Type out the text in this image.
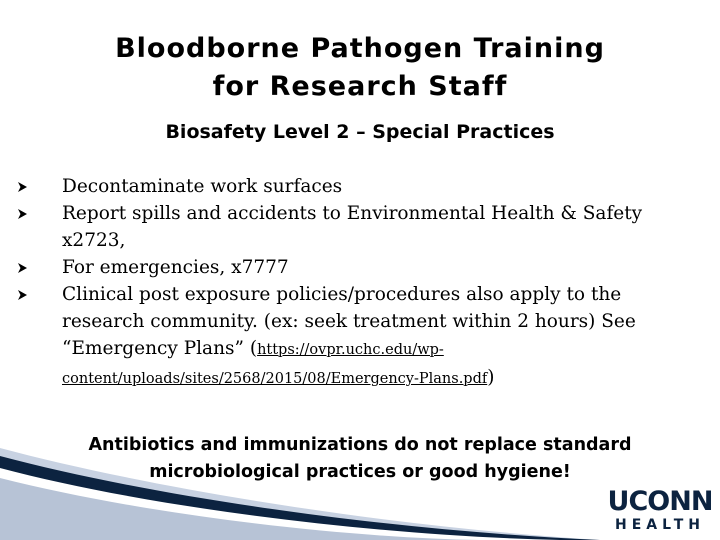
Bloodborne Pathogen Training
for Research Staff
Biosafety Level 2 – Special Practices
Decontaminate work surfaces
Report spills and accidents to Environmental Health & Safety x2723,
For emergencies, x7777
Clinical post exposure policies/procedures also apply to the research community. (ex: seek treatment within 2 hours) See “Emergency Plans” (https://ovpr.uchc.edu/wp-content/uploads/sites/2568/2015/08/Emergency-Plans.pdf)
Antibiotics and immunizations do not replace standard
microbiological practices or good hygiene!
UCONN
HEALTH
